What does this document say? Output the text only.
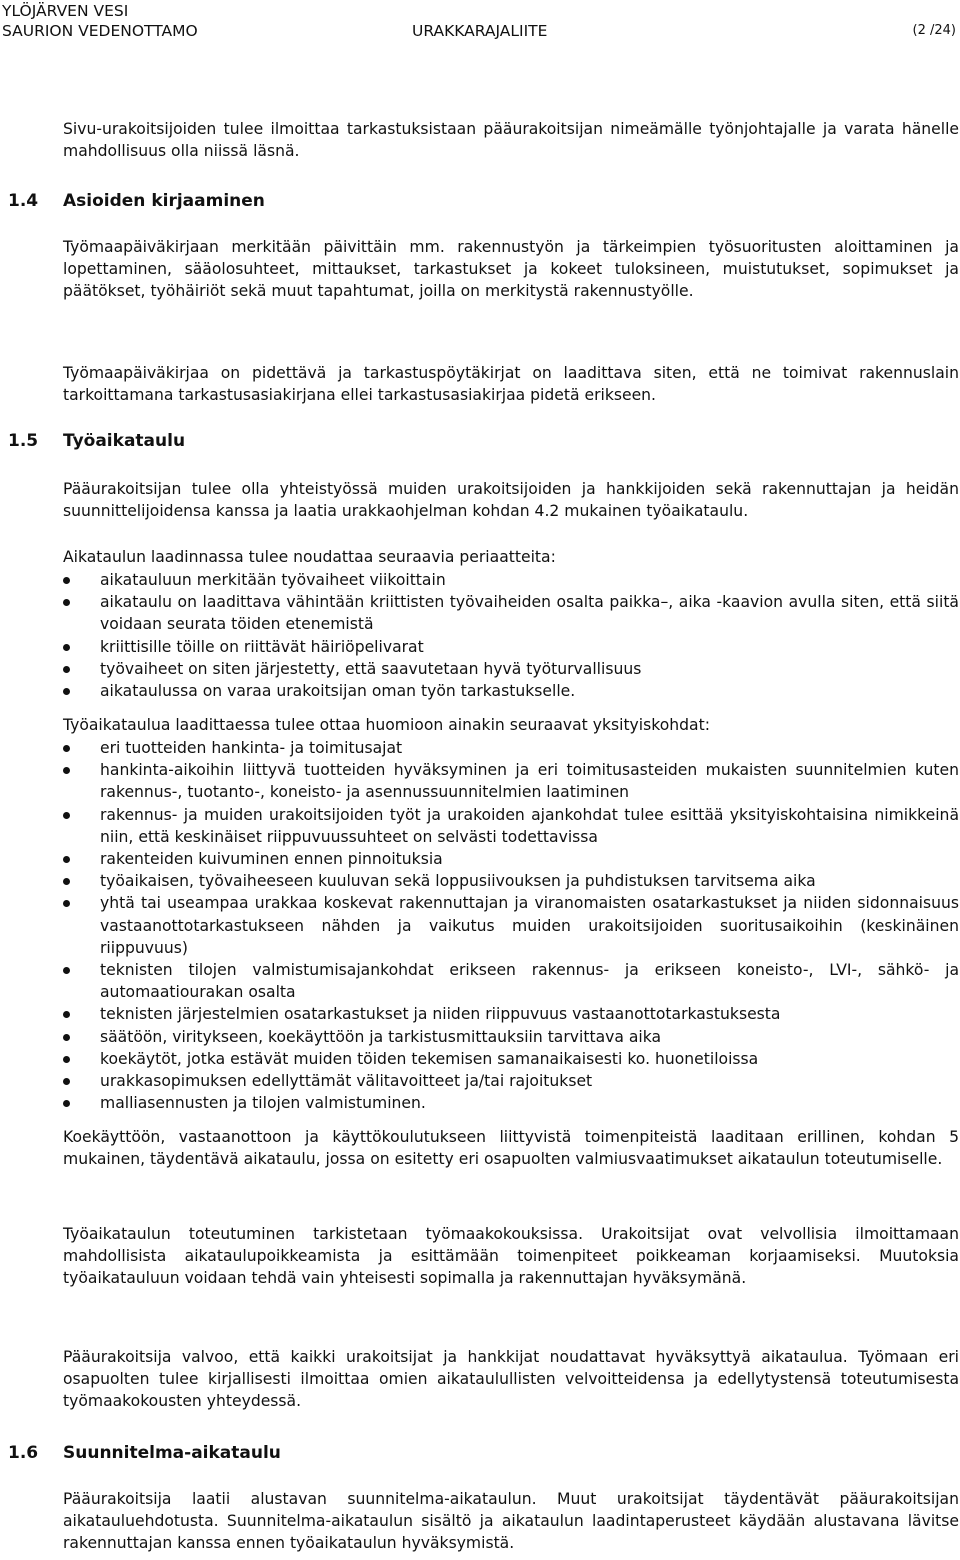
YLÖJÄRVEN VESI
SAURION VEDENOTTAMO	URAKKARAJALIITE	(2 /24)

Sivu-urakoitsijoiden tulee ilmoittaa tarkastuksistaan pääurakoitsijan nimeämälle työnjohtajalle ja varata hänelle mahdollisuus olla niissä läsnä.

1.4 Asioiden kirjaaminen

Työmaapäiväkirjaan merkitään päivittäin mm. rakennustyön ja tärkeimpien työsuoritusten aloittaminen ja lopettaminen, sääolosuhteet, mittaukset, tarkastukset ja kokeet tuloksineen, muistutukset, sopimukset ja päätökset, työhäiriöt sekä muut tapahtumat, joilla on merkitystä rakennustyölle.

Työmaapäiväkirjaa on pidettävä ja tarkastuspöytäkirjat on laadittava siten, että ne toimivat rakennuslain tarkoittamana tarkastusasiakirjana ellei tarkastusasiakirjaa pidetä erikseen.

1.5 Työaikataulu

Pääurakoitsijan tulee olla yhteistyössä muiden urakoitsijoiden ja hankkijoiden sekä rakennuttajan ja heidän suunnittelijoidensa kanssa ja laatia urakkaohjelman kohdan 4.2 mukainen työaikataulu.

Aikataulun laadinnassa tulee noudattaa seuraavia periaatteita:

aikatauluun merkitään työvaiheet viikoittain
aikataulu on laadittava vähintään kriittisten työvaiheiden osalta paikka–, aika -kaavion avulla siten, että siitä voidaan seurata töiden etenemistä
kriittisille töille on riittävät häiriöpelivarat
työvaiheet on siten järjestetty, että saavutetaan hyvä työturvallisuus
aikataulussa on varaa urakoitsijan oman työn tarkastukselle.

Työaikataulua laadittaessa tulee ottaa huomioon ainakin seuraavat yksityiskohdat:

eri tuotteiden hankinta- ja toimitusajat
hankinta-aikoihin liittyvä tuotteiden hyväksyminen ja eri toimitusasteiden mukaisten suunnitelmien kuten rakennus-, tuotanto-, koneisto- ja asennussuunnitelmien laatiminen
rakennus- ja muiden urakoitsijoiden työt ja urakoiden ajankohdat tulee esittää yksityiskohtaisina nimikkeinä niin, että keskinäiset riippuvuussuhteet on selvästi todettavissa
rakenteiden kuivuminen ennen pinnoituksia
työaikaisen, työvaiheeseen kuuluvan sekä loppusiivouksen ja puhdistuksen tarvitsema aika
yhtä tai useampaa urakkaa koskevat rakennuttajan ja viranomaisten osatarkastukset ja niiden sidonnaisuus vastaanottotarkastukseen nähden ja vaikutus muiden urakoitsijoiden suoritusaikoihin (keskinäinen riippuvuus)
teknisten tilojen valmistumisajankohdat erikseen rakennus- ja erikseen koneisto-, LVI-, sähkö- ja automaatiourakan osalta
teknisten järjestelmien osatarkastukset ja niiden riippuvuus vastaanottotarkastuksesta
säätöön, viritykseen, koekäyttöön ja tarkistusmittauksiin tarvittava aika
koekäytöt, jotka estävät muiden töiden tekemisen samanaikaisesti ko. huonetiloissa
urakkasopimuksen edellyttämät välitavoitteet ja/tai rajoitukset
malliasennusten ja tilojen valmistuminen.

Koekäyttöön, vastaanottoon ja käyttökoulutukseen liittyvistä toimenpiteistä laaditaan erillinen, kohdan 5 mukainen, täydentävä aikataulu, jossa on esitetty eri osapuolten valmiusvaatimukset aikataulun toteutumiselle.

Työaikataulun toteutuminen tarkistetaan työmaakokouksissa. Urakoitsijat ovat velvollisia ilmoittamaan mahdollisista aikataulupoikkeamista ja esittämään toimenpiteet poikkeaman korjaamiseksi. Muutoksia työaikatauluun voidaan tehdä vain yhteisesti sopimalla ja rakennuttajan hyväksymänä.

Pääurakoitsija valvoo, että kaikki urakoitsijat ja hankkijat noudattavat hyväksyttyä aikataulua. Työmaan eri osapuolten tulee kirjallisesti ilmoittaa omien aikataulullisten velvoitteidensa ja edellytystensä toteutumisesta työmaakokousten yhteydessä.

1.6 Suunnitelma-aikataulu

Pääurakoitsija laatii alustavan suunnitelma-aikataulun. Muut urakoitsijat täydentävät pääurakoitsijan aikatauluehdotusta. Suunnitelma-aikataulun sisältö ja aikataulun laadintaperusteet käydään alustavana lävitse rakennuttajan kanssa ennen työaikataulun hyväksymistä.
